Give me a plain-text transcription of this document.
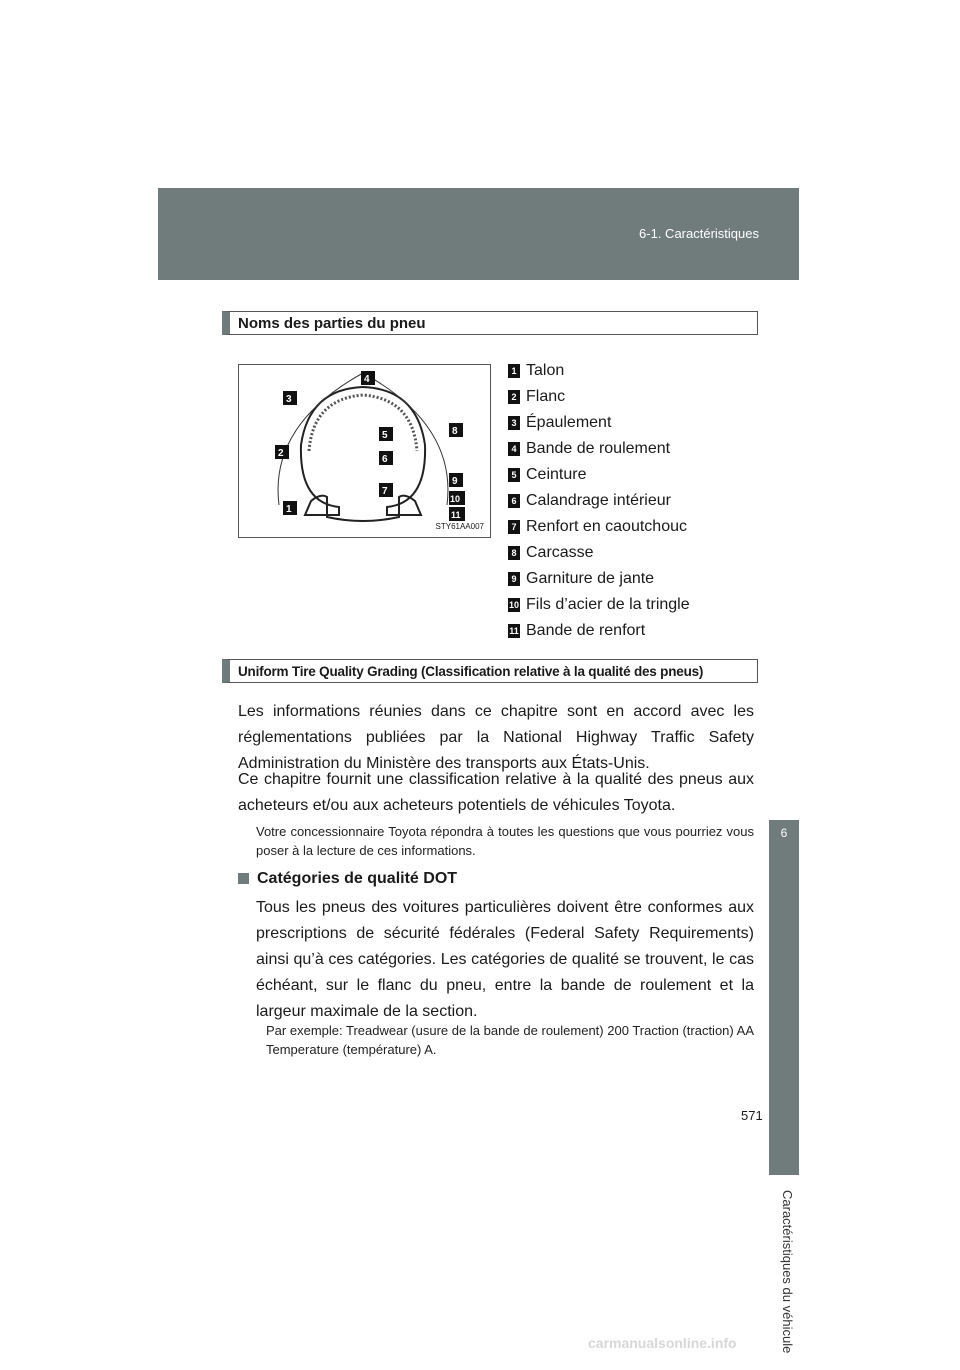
6-1. Caractéristiques
6
Caractéristiques du véhicule
Noms des parties du pneu
4
3
5	8
2
6
9
7
10
1	11
STY61AA007
1 Talon
2 Flanc
3 Épaulement
4 Bande de roulement
5 Ceinture
6 Calandrage intérieur
7 Renfort en caoutchouc
8 Carcasse
9 Garniture de jante
10 Fils d’acier de la tringle
11 Bande de renfort
Uniform Tire Quality Grading (Classification relative à la qualité des pneus)
Les informations réunies dans ce chapitre sont en accord avec les réglementations publiées par la National Highway Traffic Safety Administration du Ministère des transports aux États-Unis.
Ce chapitre fournit une classification relative à la qualité des pneus aux acheteurs et/ou aux acheteurs potentiels de véhicules Toyota.
Votre concessionnaire Toyota répondra à toutes les questions que vous pourriez vous poser à la lecture de ces informations.
Catégories de qualité DOT
Tous les pneus des voitures particulières doivent être conformes aux prescriptions de sécurité fédérales (Federal Safety Requirements) ainsi qu’à ces catégories. Les catégories de qualité se trouvent, le cas échéant, sur le flanc du pneu, entre la bande de roulement et la largeur maximale de la section.
Par exemple: Treadwear (usure de la bande de roulement) 200 Traction (traction) AA Temperature (température) A.
571
carmanualsonline.info
